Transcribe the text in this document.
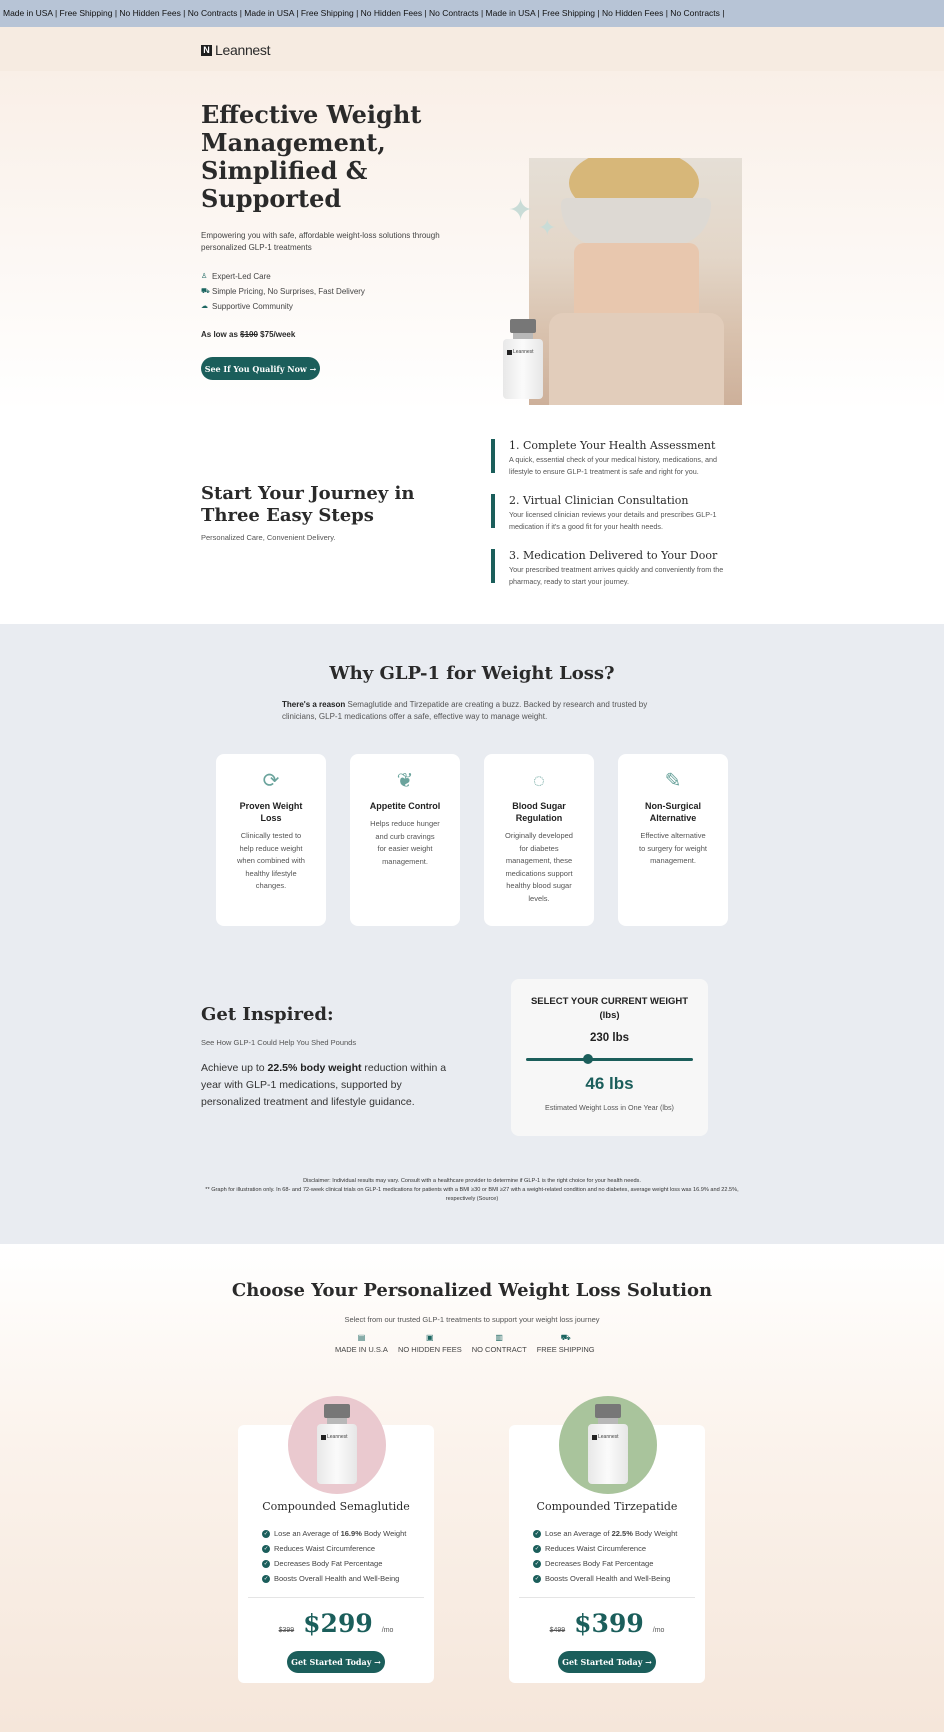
Made in USA | Free Shipping | No Hidden Fees | No Contracts | Made in USA | Free Shipping | No Hidden Fees | No Contracts | Made in USA | Free Shipping | No Hidden Fees | No Contracts |
N Leannest
Effective Weight Management, Simplified & Supported

Empowering you with safe, affordable weight-loss solutions through personalized GLP-1 treatments

♙ Expert-Led Care
⛟ Simple Pricing, No Surprises, Fast Delivery
☁ Supportive Community
As low as $100 $75/week
See If You Qualify Now →
✦
✦
Leannest
Start Your Journey in Three Easy Steps

Personalized Care, Convenient Delivery.

1. Complete Your Health Assessment

A quick, essential check of your medical history, medications, and lifestyle to ensure GLP-1 treatment is safe and right for you.

2. Virtual Clinician Consultation

Your licensed clinician reviews your details and prescribes GLP-1 medication if it's a good fit for your health needs.

3. Medication Delivered to Your Door

Your prescribed treatment arrives quickly and conveniently from the pharmacy, ready to start your journey.

Why GLP-1 for Weight Loss?

There's a reason Semaglutide and Tirzepatide are creating a buzz. Backed by research and trusted by clinicians, GLP-1 medications offer a safe, effective way to manage weight.

⟳
Proven Weight Loss

Clinically tested to help reduce weight when combined with healthy lifestyle changes.

❦
Appetite Control

Helps reduce hunger and curb cravings for easier weight management.

◌
Blood Sugar Regulation

Originally developed for diabetes management, these medications support healthy blood sugar levels.

✎
Non-Surgical Alternative

Effective alternative to surgery for weight management.

Get Inspired:

See How GLP-1 Could Help You Shed Pounds

Achieve up to 22.5% body weight reduction within a year with GLP-1 medications, supported by personalized treatment and lifestyle guidance.

SELECT YOUR CURRENT WEIGHT (lbs)
230 lbs
46 lbs
Estimated Weight Loss in One Year (lbs)
Disclaimer: Individual results may vary. Consult with a healthcare provider to determine if GLP-1 is the right choice for your health needs.
** Graph for illustration only. In 68- and 72-week clinical trials on GLP-1 medications for patients with a BMI ≥30 or BMI ≥27 with a weight-related condition and no diabetes, average weight loss was 16.9% and 22.5%, respectively (Source)
Choose Your Personalized Weight Loss Solution

Select from our trusted GLP-1 treatments to support your weight loss journey

▤
MADE IN U.S.A
▣
NO HIDDEN FEES
▥
NO CONTRACT
⛟
FREE SHIPPING
Compounded Semaglutide
✓ Lose an Average of 16.9% Body Weight
✓ Reduces Waist Circumference
✓ Decreases Body Fat Percentage
✓ Boosts Overall Health and Well-Being
$399 $299 /mo
Get Started Today →
Compounded Tirzepatide
✓ Lose an Average of 22.5% Body Weight
✓ Reduces Waist Circumference
✓ Decreases Body Fat Percentage
✓ Boosts Overall Health and Well-Being
$499 $399 /mo
Get Started Today →
Leannest	Leannest
